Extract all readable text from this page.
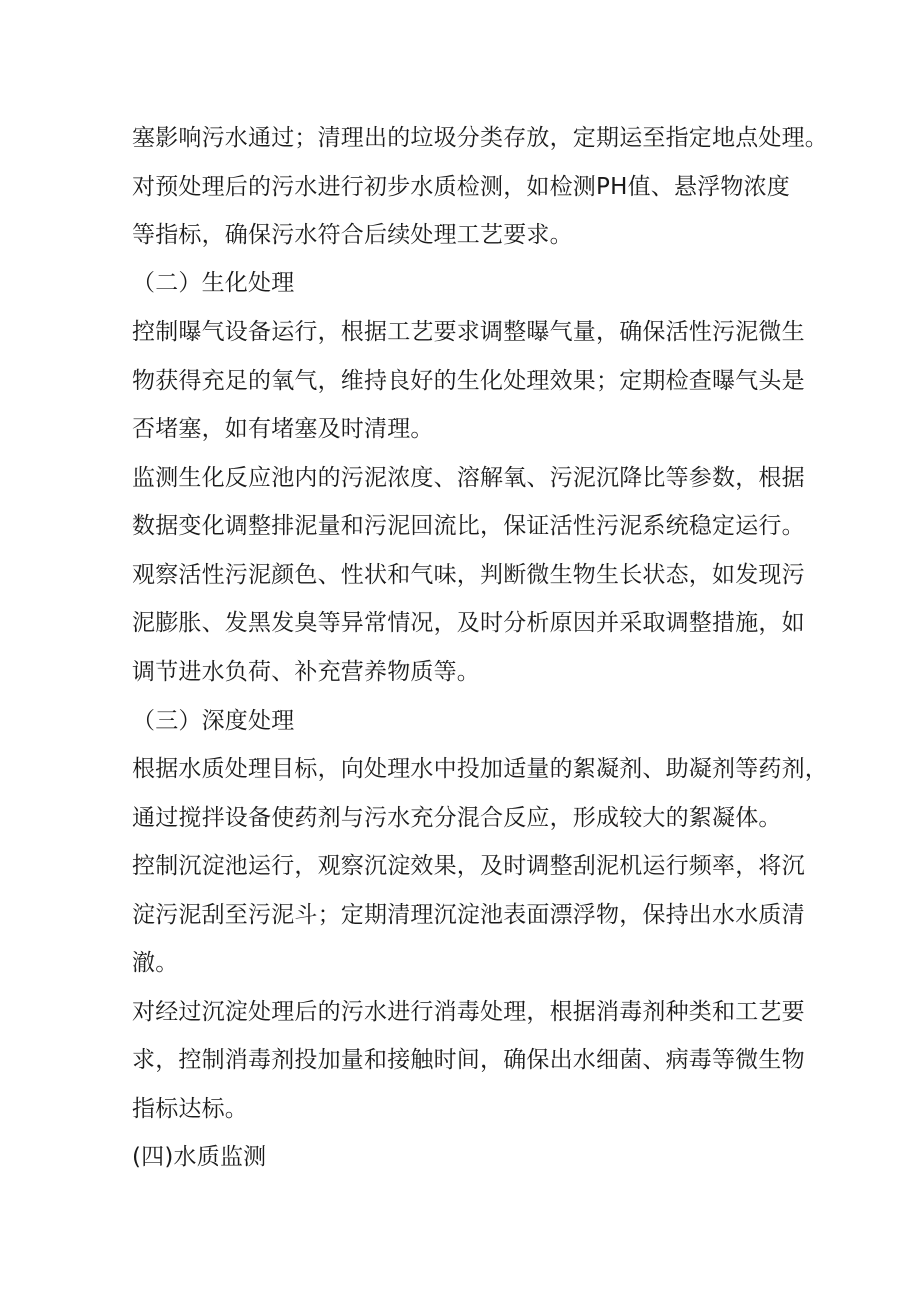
塞影响污水通过；清理出的垃圾分类存放，定期运至指定地点处理。
对预处理后的污水进行初步水质检测，如检测PH值、悬浮物浓度
等指标，确保污水符合后续处理工艺要求。
（二）生化处理
控制曝气设备运行，根据工艺要求调整曝气量，确保活性污泥微生
物获得充足的氧气，维持良好的生化处理效果；定期检查曝气头是
否堵塞，如有堵塞及时清理。
监测生化反应池内的污泥浓度、溶解氧、污泥沉降比等参数，根据
数据变化调整排泥量和污泥回流比，保证活性污泥系统稳定运行。
观察活性污泥颜色、性状和气味，判断微生物生长状态，如发现污
泥膨胀、发黑发臭等异常情况，及时分析原因并采取调整措施，如
调节进水负荷、补充营养物质等。
（三）深度处理
根据水质处理目标，向处理水中投加适量的絮凝剂、助凝剂等药剂，
通过搅拌设备使药剂与污水充分混合反应，形成较大的絮凝体。
控制沉淀池运行，观察沉淀效果，及时调整刮泥机运行频率，将沉
淀污泥刮至污泥斗；定期清理沉淀池表面漂浮物，保持出水水质清
澈。
对经过沉淀处理后的污水进行消毒处理，根据消毒剂种类和工艺要
求，控制消毒剂投加量和接触时间，确保出水细菌、病毒等微生物
指标达标。
(四)水质监测
